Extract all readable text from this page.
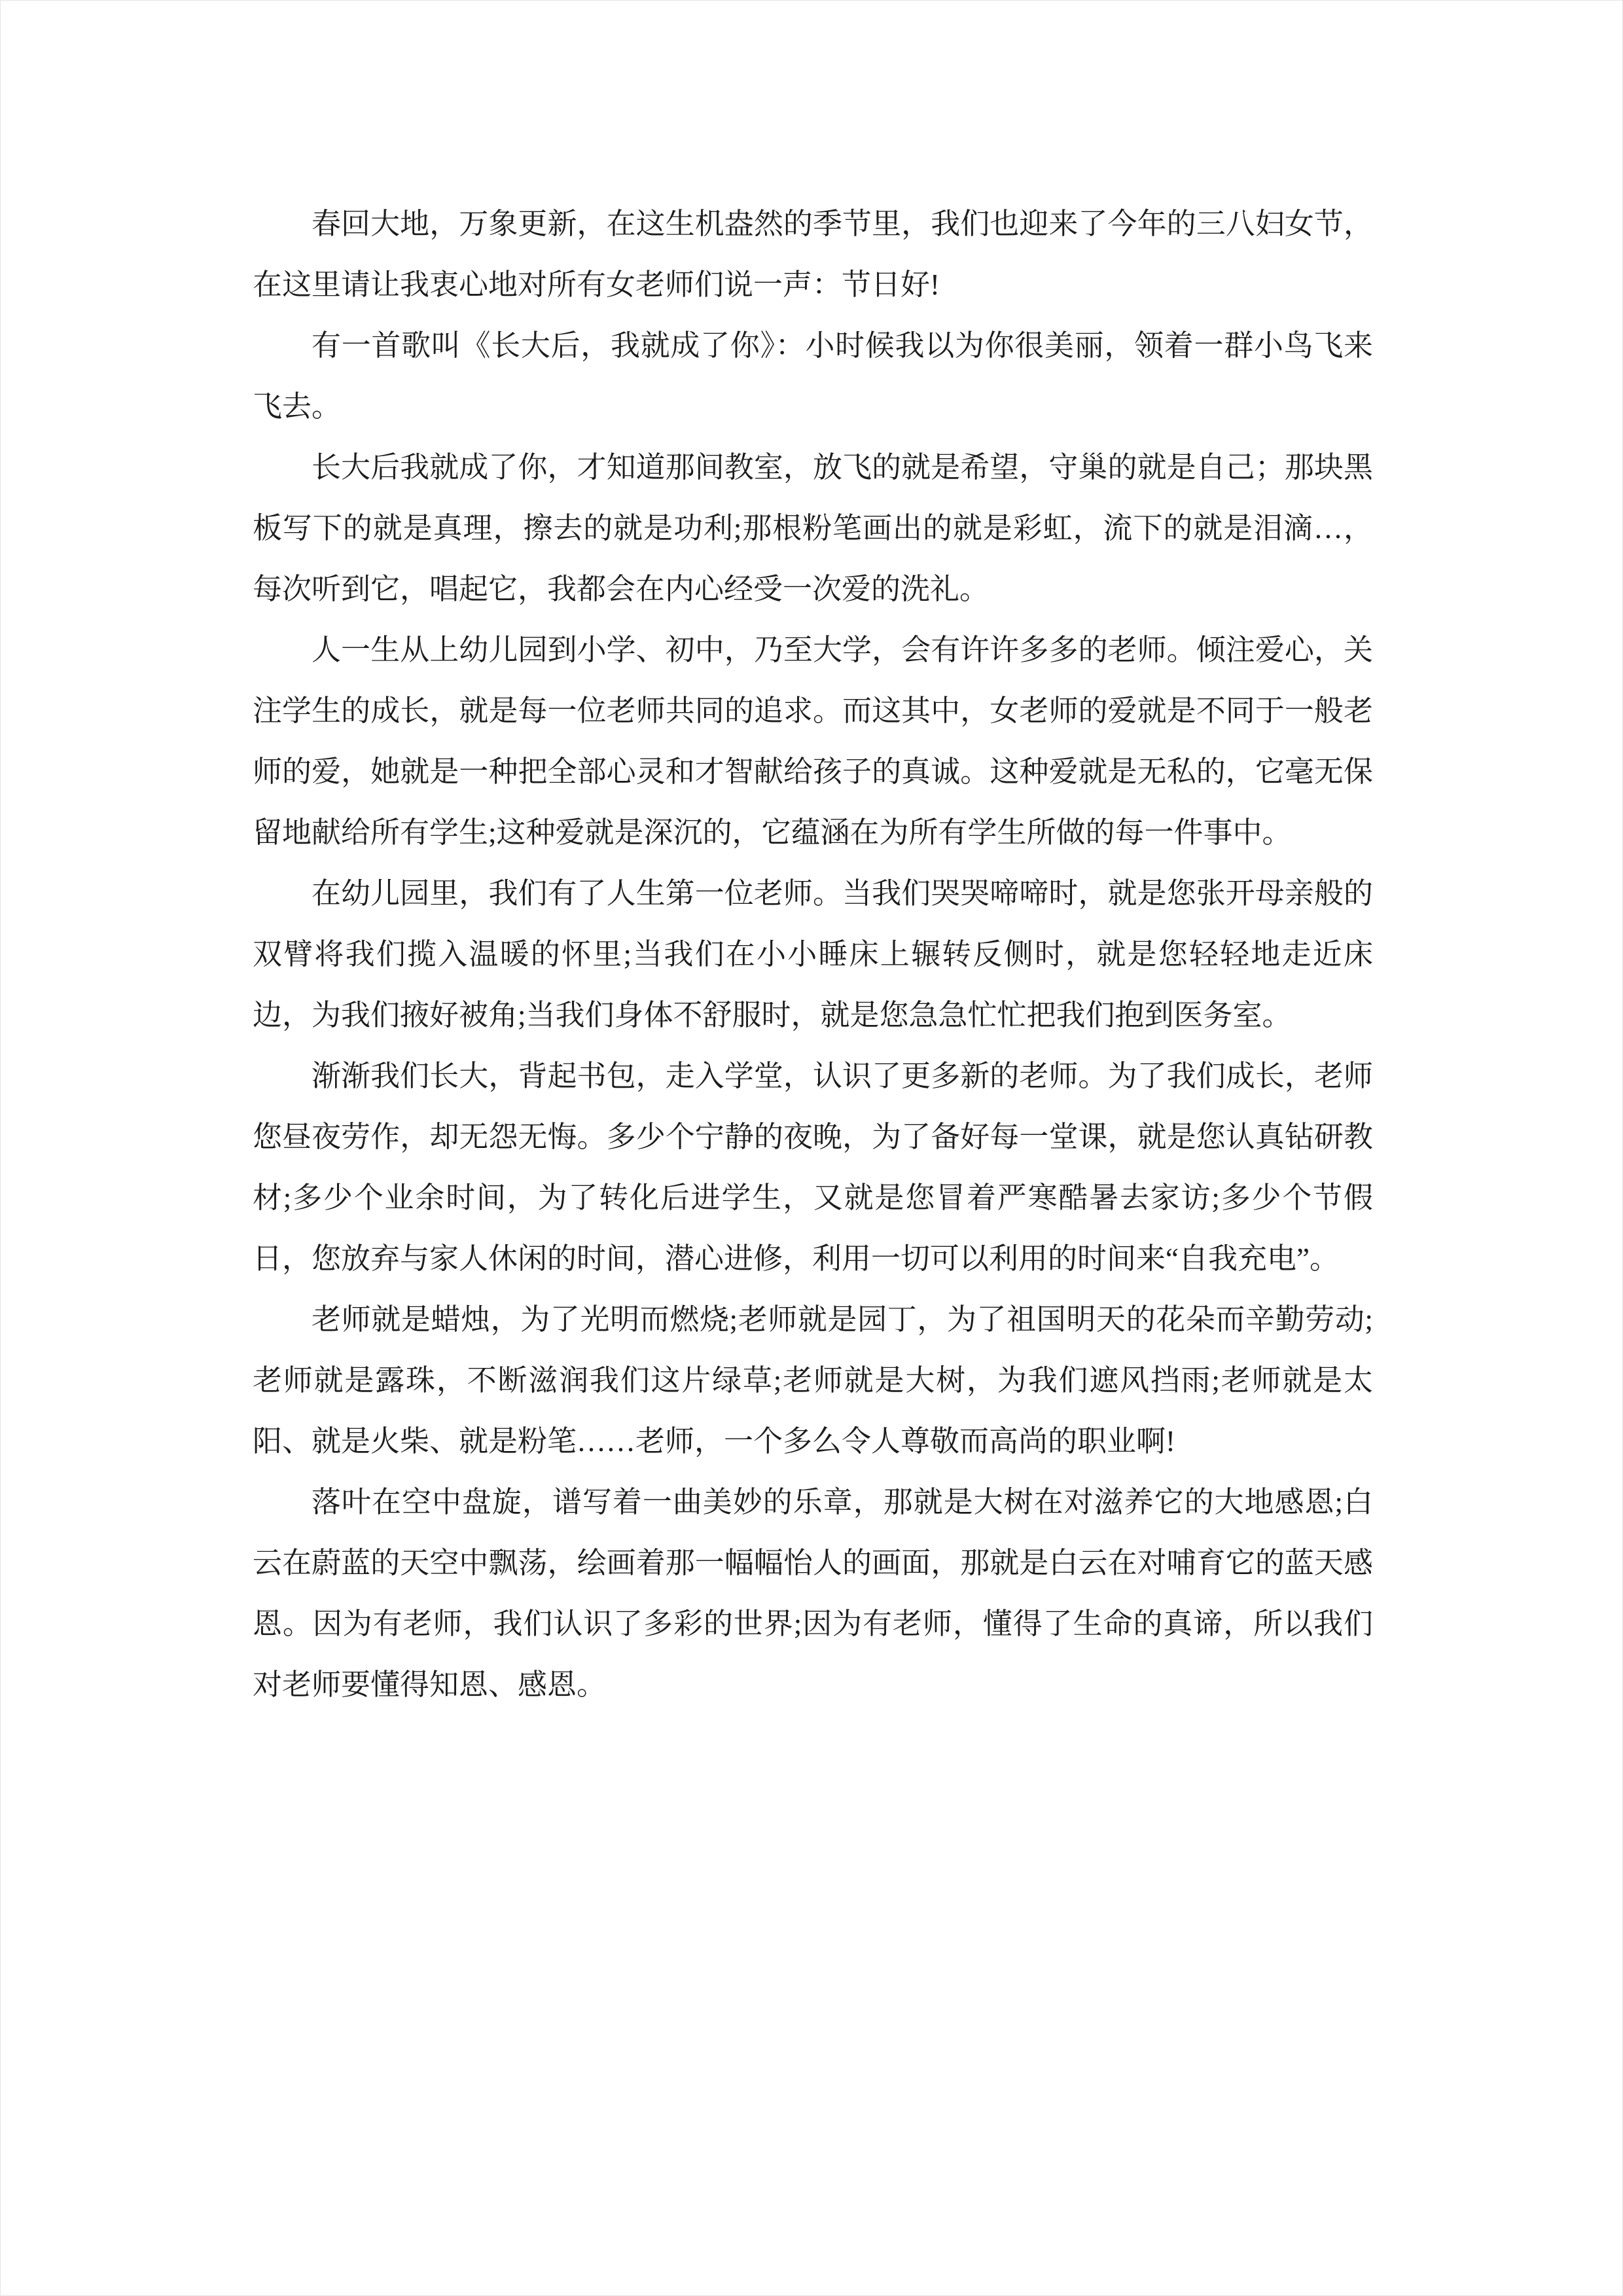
春回大地，万象更新，在这生机盎然的季节里，我们也迎来了今年的三八妇女节，在这里请让我衷心地对所有女老师们说一声：节日好!

有一首歌叫《长大后，我就成了你》：小时候我以为你很美丽，领着一群小鸟飞来飞去。

长大后我就成了你，才知道那间教室，放飞的就是希望，守巢的就是自己；那块黑板写下的就是真理，擦去的就是功利;那根粉笔画出的就是彩虹，流下的就是泪滴…，每次听到它，唱起它，我都会在内心经受一次爱的洗礼。

人一生从上幼儿园到小学、初中，乃至大学，会有许许多多的老师。倾注爱心，关注学生的成长，就是每一位老师共同的追求。而这其中，女老师的爱就是不同于一般老师的爱，她就是一种把全部心灵和才智献给孩子的真诚。这种爱就是无私的，它毫无保留地献给所有学生;这种爱就是深沉的，它蕴涵在为所有学生所做的每一件事中。

在幼儿园里，我们有了人生第一位老师。当我们哭哭啼啼时，就是您张开母亲般的双臂将我们揽入温暖的怀里;当我们在小小睡床上辗转反侧时，就是您轻轻地走近床边，为我们掖好被角;当我们身体不舒服时，就是您急急忙忙把我们抱到医务室。

渐渐我们长大，背起书包，走入学堂，认识了更多新的老师。为了我们成长，老师您昼夜劳作，却无怨无悔。多少个宁静的夜晚，为了备好每一堂课，就是您认真钻研教材;多少个业余时间，为了转化后进学生，又就是您冒着严寒酷暑去家访;多少个节假日，您放弃与家人休闲的时间，潜心进修，利用一切可以利用的时间来“自我充电”。

老师就是蜡烛，为了光明而燃烧;老师就是园丁，为了祖国明天的花朵而辛勤劳动;老师就是露珠，不断滋润我们这片绿草;老师就是大树，为我们遮风挡雨;老师就是太阳、就是火柴、就是粉笔……老师，一个多么令人尊敬而高尚的职业啊!

落叶在空中盘旋，谱写着一曲美妙的乐章，那就是大树在对滋养它的大地感恩;白云在蔚蓝的天空中飘荡，绘画着那一幅幅怡人的画面，那就是白云在对哺育它的蓝天感恩。因为有老师，我们认识了多彩的世界;因为有老师，懂得了生命的真谛，所以我们对老师要懂得知恩、感恩。
